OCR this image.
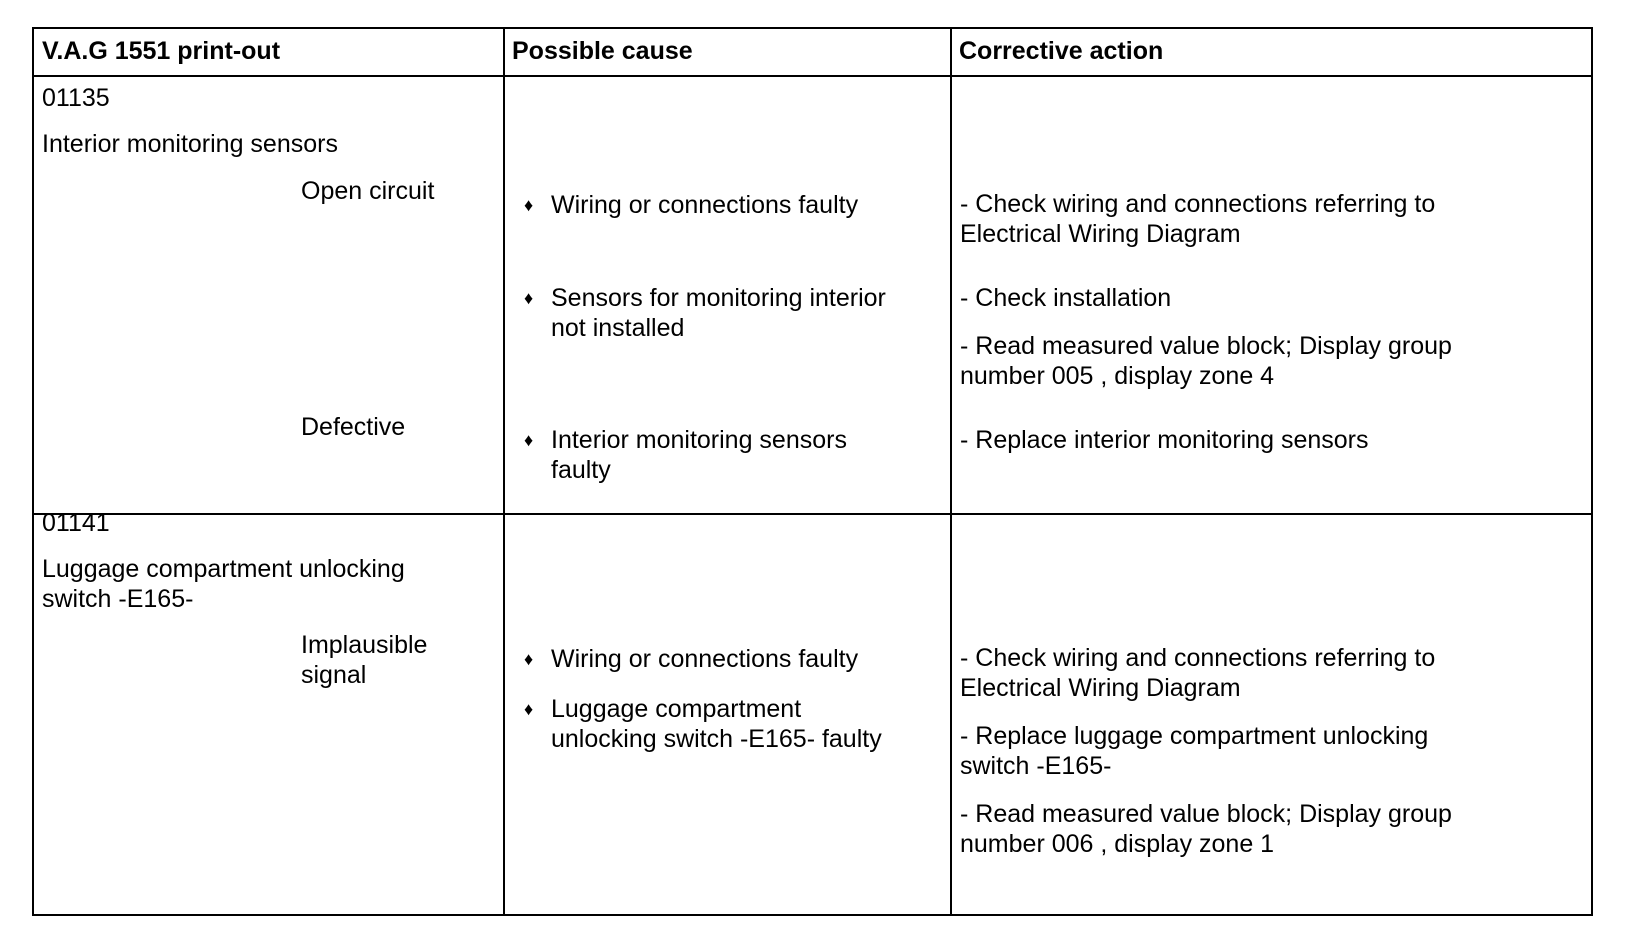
V.A.G 1551 print-out	Possible cause	Corrective action
01135
Interior monitoring sensors
Open circuit
Defective
♦ Wiring or connections faulty
♦ Sensors for monitoring interior
not installed
♦ Interior monitoring sensors
faulty
- Check wiring and connections referring to
Electrical Wiring Diagram
- Check installation
- Read measured value block; Display group
number 005 , display zone 4
- Replace interior monitoring sensors
01141
Luggage compartment unlocking
switch -E165-
Implausible
signal
♦ Wiring or connections faulty
♦ Luggage compartment
unlocking switch -E165- faulty
- Check wiring and connections referring to
Electrical Wiring Diagram
- Replace luggage compartment unlocking
switch -E165-
- Read measured value block; Display group
number 006 , display zone 1
